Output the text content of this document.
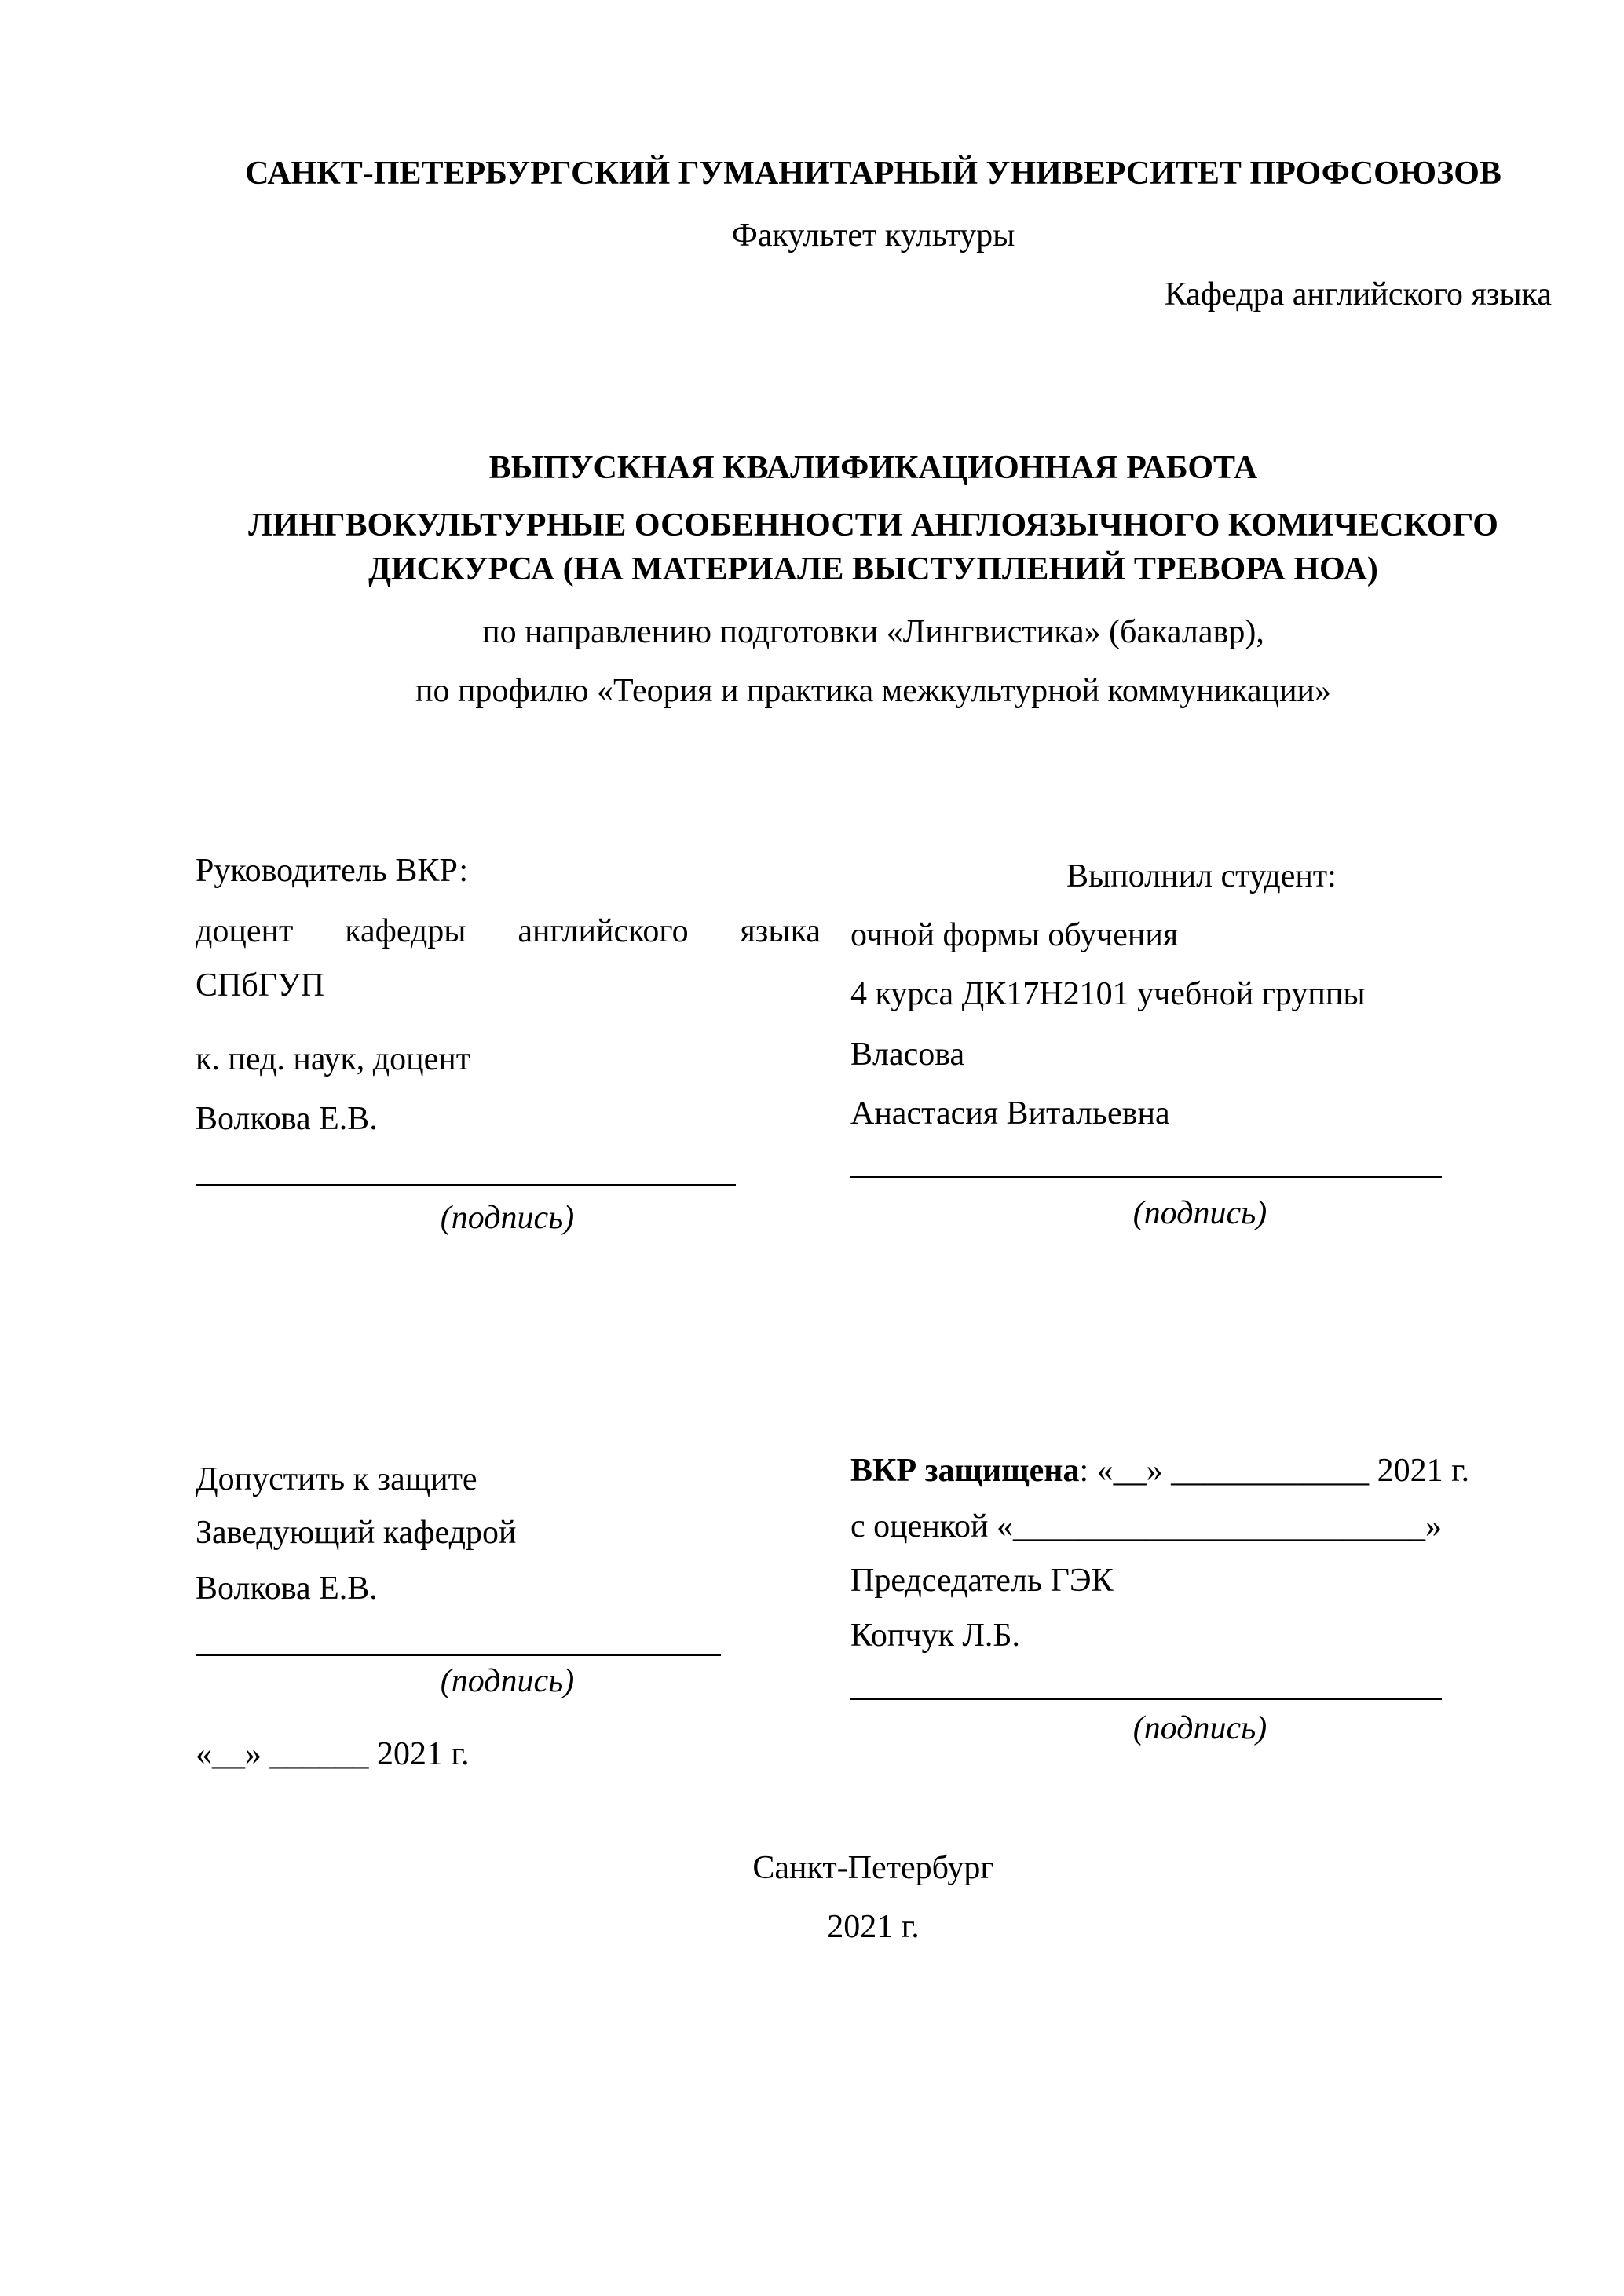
САНКТ-ПЕТЕРБУРГСКИЙ ГУМАНИТАРНЫЙ УНИВЕРСИТЕТ ПРОФСОЮЗОВ
Факультет культуры
Кафедра английского языка
ВЫПУСКНАЯ КВАЛИФИКАЦИОННАЯ РАБОТА
ЛИНГВОКУЛЬТУРНЫЕ ОСОБЕННОСТИ АНГЛОЯЗЫЧНОГО КОМИЧЕСКОГО
ДИСКУРСА (НА МАТЕРИАЛЕ ВЫСТУПЛЕНИЙ ТРЕВОРА НОА)
по направлению подготовки «Лингвистика» (бакалавр),
по профилю «Теория и практика межкультурной коммуникации»
Руководитель ВКР:
доцент кафедры английского языка
СПбГУП
к. пед. наук, доцент
Волкова Е.В.
(подпись)
Выполнил студент:
очной формы обучения
4 курса ДК17Н2101 учебной группы
Власова
Анастасия Витальевна
(подпись)
Допустить к защите
Заведующий кафедрой
Волкова Е.В.
(подпись)
«__» ______ 2021 г.
ВКР защищена: «__» ____________ 2021 г.
с оценкой «_________________________»
Председатель ГЭК
Копчук Л.Б.
(подпись)
Санкт-Петербург
2021 г.
